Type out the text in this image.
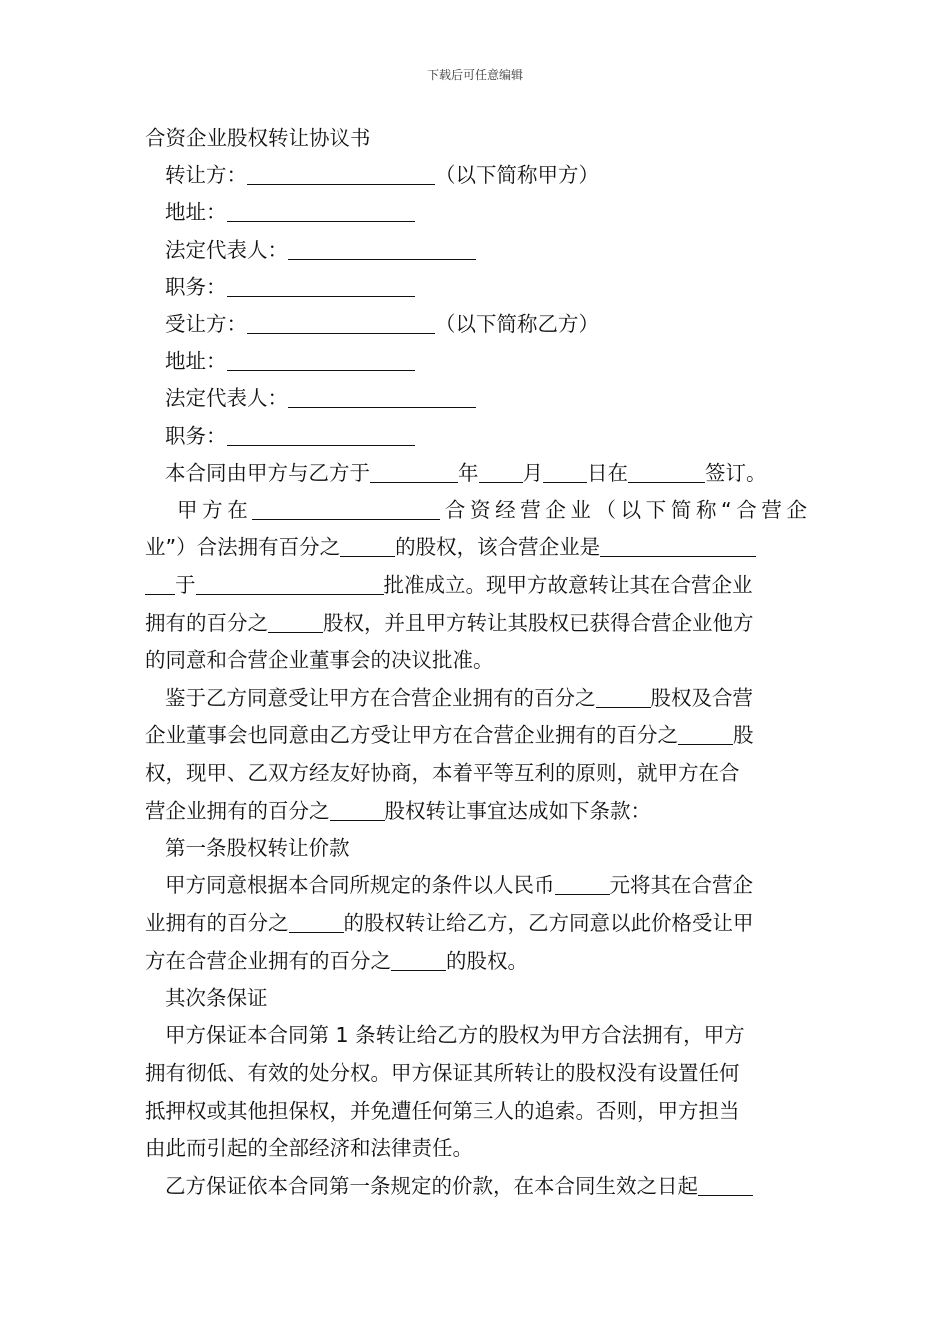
下载后可任意编辑
合资企业股权转让协议书
转让方：	（以下简称甲方）
地址：
法定代表人：
职务：
受让方：	（以下简称乙方）
地址：
法定代表人：
职务：
本合同由甲方与乙方于	年 月 日在	签订。
甲方在	合资经营企业（以下简称“合营企
业”）合法拥有百分之	的股权，该合营企业是
于	批准成立。现甲方故意转让其在合营企业
拥有的百分之	股权，并且甲方转让其股权已获得合营企业他方
的同意和合营企业董事会的决议批准。
鉴于乙方同意受让甲方在合营企业拥有的百分之	股权及合营
企业董事会也同意由乙方受让甲方在合营企业拥有的百分之	股
权，现甲、乙双方经友好协商，本着平等互利的原则，就甲方在合
营企业拥有的百分之	股权转让事宜达成如下条款：
第一条股权转让价款
甲方同意根据本合同所规定的条件以人民币	元将其在合营企
业拥有的百分之	的股权转让给乙方，乙方同意以此价格受让甲
方在合营企业拥有的百分之	的股权。
其次条保证
甲方保证本合同第 1 条转让给乙方的股权为甲方合法拥有，甲方
拥有彻低、有效的处分权。甲方保证其所转让的股权没有设置任何
抵押权或其他担保权，并免遭任何第三人的追索。否则，甲方担当
由此而引起的全部经济和法律责任。
乙方保证依本合同第一条规定的价款，在本合同生效之日起
